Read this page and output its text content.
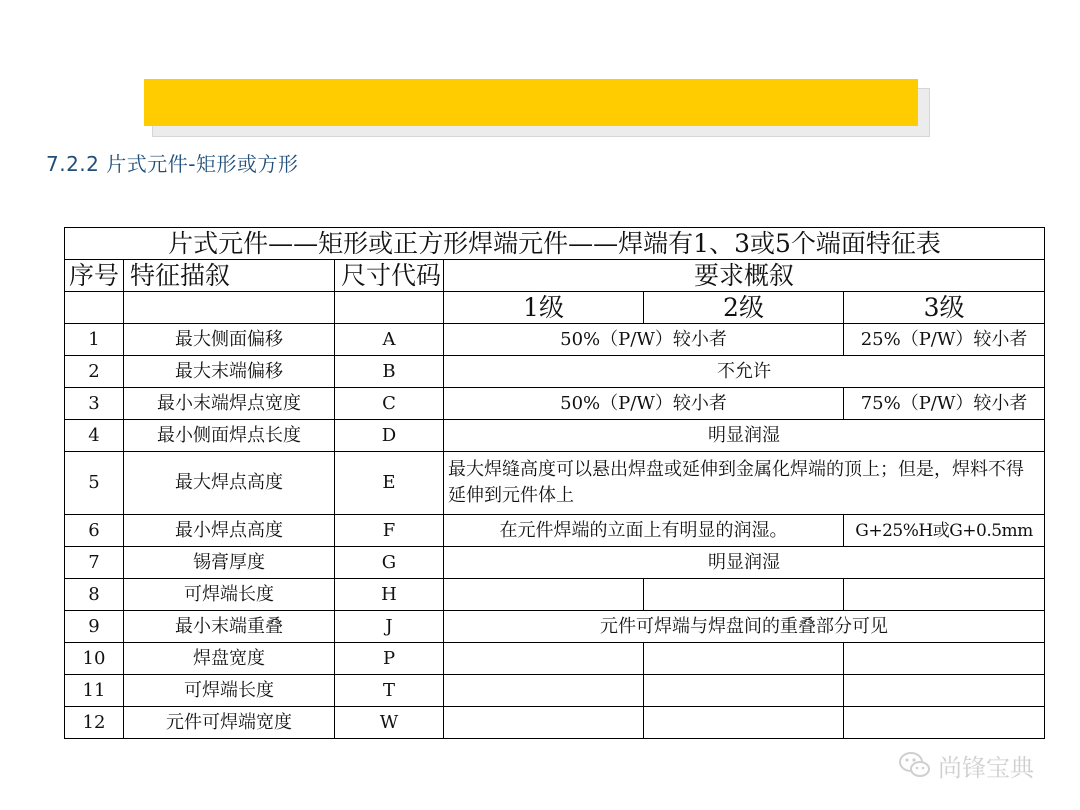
7.2.2 片式元件-矩形或方形
片式元件——矩形或正方形焊端元件——焊端有1、3或5个端面特征表					
序号	特征描叙	尺寸代码	要求概叙		
			1级	2级	3级
1	最大侧面偏移	A	50%（P/W）较小者		25%（P/W）较小者
2	最大末端偏移	B	不允许		
3	最小末端焊点宽度	C	50%（P/W）较小者		75%（P/W）较小者
4	最小侧面焊点长度	D	明显润湿		
5	最大焊点高度	E	最大焊缝高度可以悬出焊盘或延伸到金属化焊端的顶上；但是，焊料不得延伸到元件体上		
6	最小焊点高度	F	在元件焊端的立面上有明显的润湿。		G+25%H或G+0.5mm
7	锡膏厚度	G	明显润湿		
8	可焊端长度	H			
9	最小末端重叠	J	元件可焊端与焊盘间的重叠部分可见		
10	焊盘宽度	P			
11	可焊端长度	T			
12	元件可焊端宽度	W			
尚锋宝典
